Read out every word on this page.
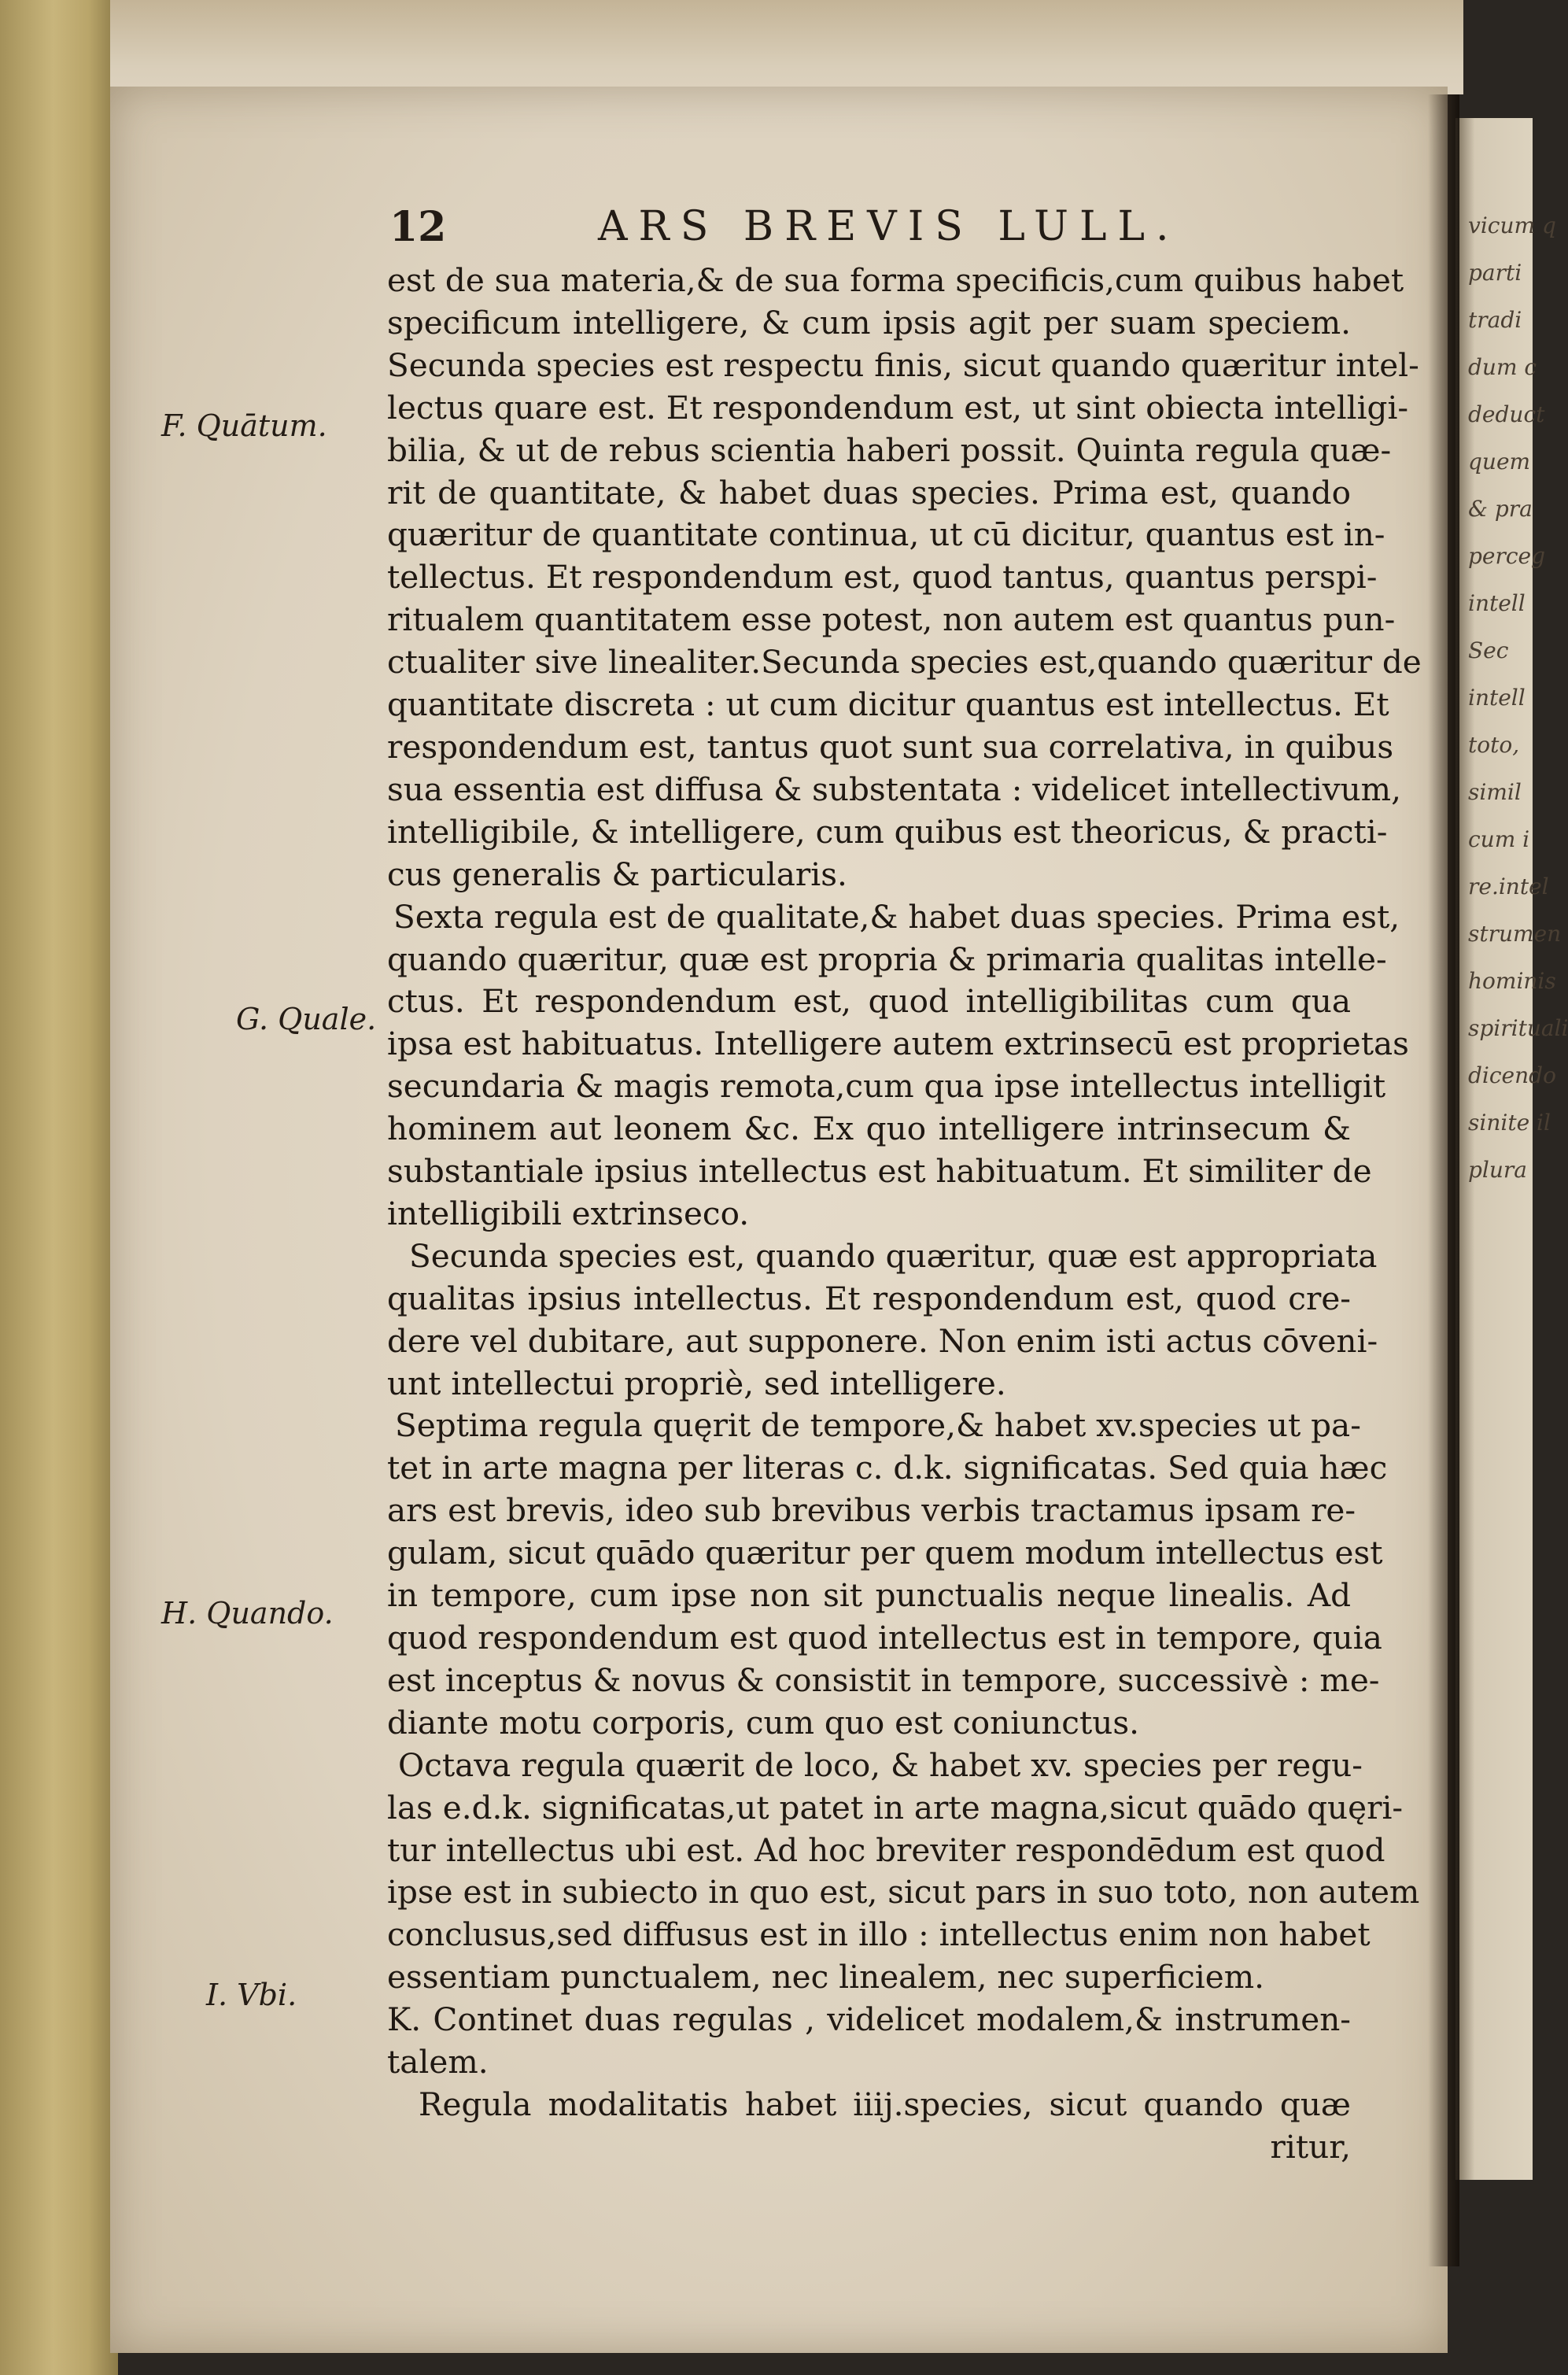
vicum q
parti
tradi
dum c
deduct
quem
& pra
perceg
intell
Sec
intell
toto,
simil
cum i
re.intel
strumen
hominis
spirituali
dicendo
sinite il
plura
12	ARS BREVIS LULL.
est de sua materia,& de sua forma specificis,cum quibus habet
specificum intelligere, & cum ipsis agit per suam speciem.
Secunda species est respectu finis, sicut quando quæritur intel-
lectus quare est. Et respondendum est, ut sint obiecta intelligi-
bilia, & ut de rebus scientia haberi possit. Quinta regula quæ-
rit de quantitate, & habet duas species. Prima est, quando
quæritur de quantitate continua, ut cū dicitur, quantus est in-
tellectus. Et respondendum est, quod tantus, quantus perspi-
ritualem quantitatem esse potest, non autem est quantus pun-
ctualiter sive linealiter.Secunda species est,quando quæritur de
quantitate discreta : ut cum dicitur quantus est intellectus. Et
respondendum est, tantus quot sunt sua correlativa, in quibus
sua essentia est diffusa & substentata : videlicet intellectivum,
intelligibile, & intelligere, cum quibus est theoricus, & practi-
cus generalis & particularis.
Sexta regula est de qualitate,& habet duas species. Prima est,
quando quæritur, quæ est propria & primaria qualitas intelle-
ctus. Et respondendum est, quod intelligibilitas cum qua
ipsa est habituatus. Intelligere autem extrinsecū est proprietas
secundaria & magis remota,cum qua ipse intellectus intelligit
hominem aut leonem &c. Ex quo intelligere intrinsecum &
substantiale ipsius intellectus est habituatum. Et similiter de
intelligibili extrinseco.
Secunda species est, quando quæritur, quæ est appropriata
qualitas ipsius intellectus. Et respondendum est, quod cre-
dere vel dubitare, aut supponere. Non enim isti actus cōveni-
unt intellectui propriè, sed intelligere.
Septima regula quęrit de tempore,& habet xv.species ut pa-
tet in arte magna per literas c. d.k. significatas. Sed quia hæc
ars est brevis, ideo sub brevibus verbis tractamus ipsam re-
gulam, sicut quādo quæritur per quem modum intellectus est
in tempore, cum ipse non sit punctualis neque linealis. Ad
quod respondendum est quod intellectus est in tempore, quia
est inceptus & novus & consistit in tempore, successivè : me-
diante motu corporis, cum quo est coniunctus.
Octava regula quærit de loco, & habet xv. species per regu-
las e.d.k. significatas,ut patet in arte magna,sicut quādo quęri-
tur intellectus ubi est. Ad hoc breviter respondēdum est quod
ipse est in subiecto in quo est, sicut pars in suo toto, non autem
conclusus,sed diffusus est in illo : intellectus enim non habet
essentiam punctualem, nec linealem, nec superficiem.
K. Continet duas regulas , videlicet modalem,& instrumen-
talem.
Regula modalitatis habet iiij.species, sicut quando quæ
ritur,
F. Quātum.
G. Quale.
H. Quando.
I. Vbi.
